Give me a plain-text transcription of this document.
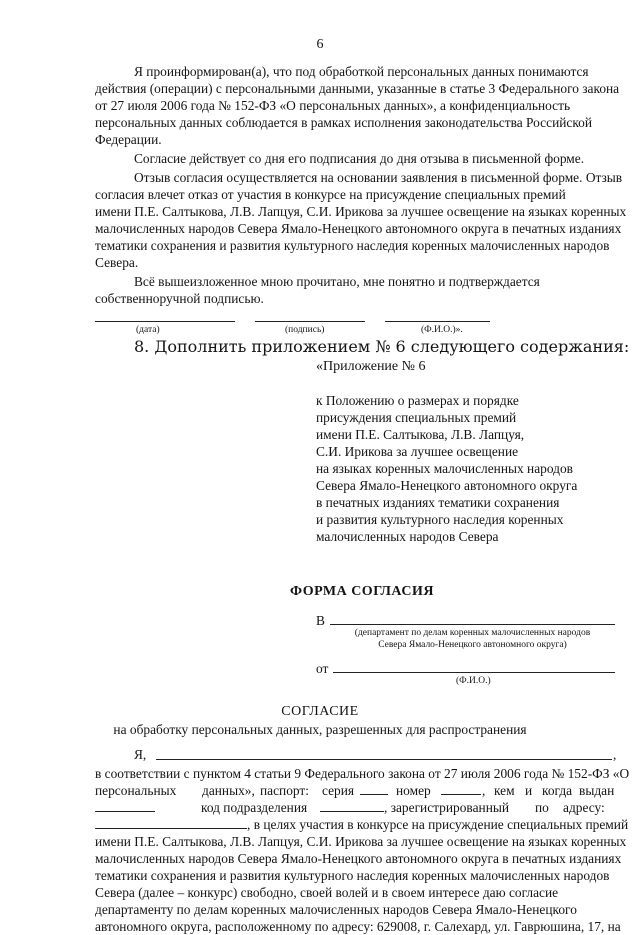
6
Я проинформирован(а), что под обработкой персональных данных понимаются
действия (операции) с персональными данными, указанные в статье 3 Федерального закона
от 27 июля 2006 года № 152-ФЗ «О персональных данных», а конфиденциальность
персональных данных соблюдается в рамках исполнения законодательства Российской
Федерации.
Согласие действует со дня его подписания до дня отзыва в письменной форме.
Отзыв согласия осуществляется на основании заявления в письменной форме. Отзыв
согласия влечет отказ от участия в конкурсе на присуждение специальных премий
имени П.Е. Салтыкова, Л.В. Лапцуя, С.И. Ирикова за лучшее освещение на языках коренных
малочисленных народов Севера Ямало-Ненецкого автономного округа в печатных изданиях
тематики сохранения и развития культурного наследия коренных малочисленных народов
Севера.
Всё вышеизложенное мною прочитано, мне понятно и подтверждается
собственноручной подписью.
(дата)	(подпись)	(Ф.И.О.)».
8. Дополнить приложением № 6 следующего содержания:
«Приложение № 6
к Положению о размерах и порядке
присуждения специальных премий
имени П.Е. Салтыкова, Л.В. Лапцуя,
С.И. Ирикова за лучшее освещение
на языках коренных малочисленных народов
Севера Ямало-Ненецкого автономного округа
в печатных изданиях тематики сохранения
и развития культурного наследия коренных
малочисленных народов Севера
ФОРМА СОГЛАСИЯ
В
(департамент по делам коренных малочисленных народов
Севера Ямало-Ненецкого автономного округа)
от
(Ф.И.О.)
СОГЛАСИЕ
на обработку персональных данных, разрешенных для распространения
Я,	,
в соответствии с пунктом 4 статьи 9 Федерального закона от 27 июля 2006 года № 152-ФЗ «О
персональных данных», паспорт: серия	номер	, кем и когда выдан
код подразделения	, зарегистрированный по адресу:
, в целях участия в конкурсе на присуждение специальных премий
имени П.Е. Салтыкова, Л.В. Лапцуя, С.И. Ирикова за лучшее освещение на языках коренных
малочисленных народов Севера Ямало-Ненецкого автономного округа в печатных изданиях
тематики сохранения и развития культурного наследия коренных малочисленных народов
Севера (далее – конкурс) свободно, своей волей и в своем интересе даю согласие
департаменту по делам коренных малочисленных народов Севера Ямало-Ненецкого
автономного округа, расположенному по адресу: 629008, г. Салехард, ул. Гаврюшина, 17, на
